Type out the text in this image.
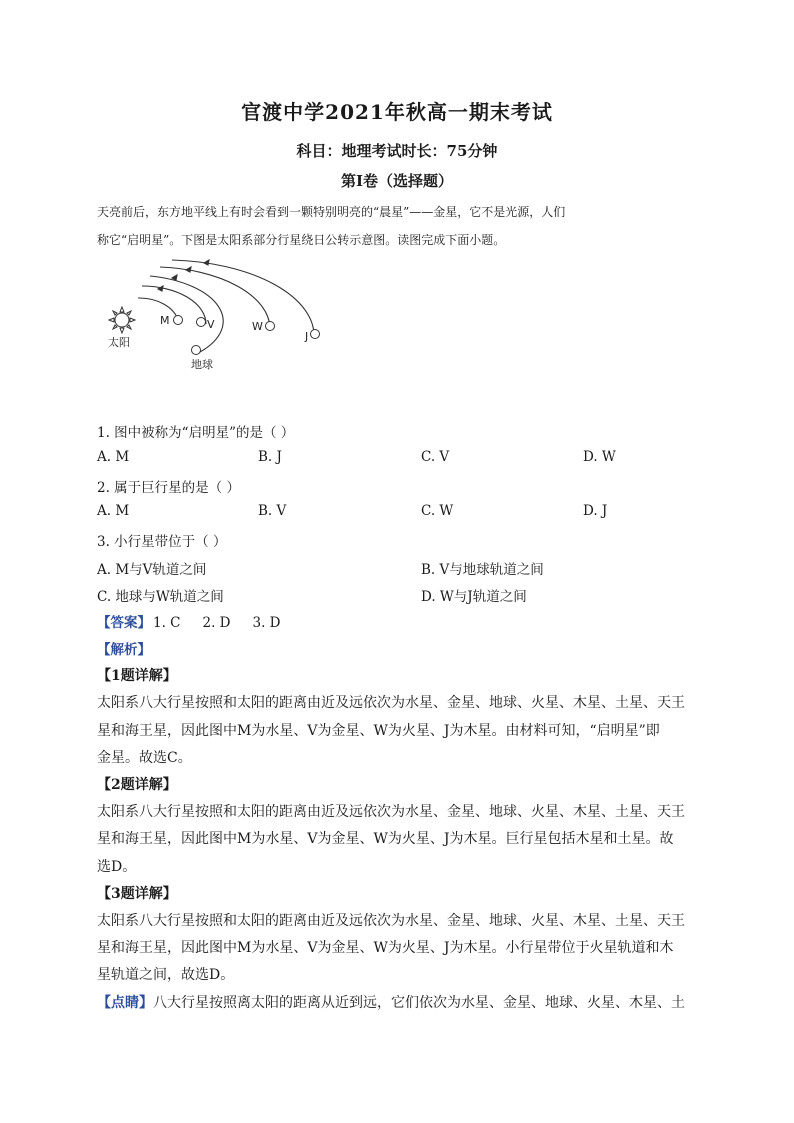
官渡中学2021年秋高一期末考试
科目：地理考试时长：75分钟
第Ⅰ卷（选择题）
天亮前后，东方地平线上有时会看到一颗特别明亮的“晨星”——金星，它不是光源，人们
称它“启明星”。下图是太阳系部分行星绕日公转示意图。读图完成下面小题。
太阳
M	V
地球
W
J
1. 图中被称为“启明星”的是（ ）
A. M	B. J	C. V	D. W
2. 属于巨行星的是（ ）
A. M	B. V	C. W	D. J
3. 小行星带位于（ ）
A. M与V轨道之间	B. V与地球轨道之间
C. 地球与W轨道之间	D. W与J轨道之间
【答案】 1. C 2. D 3. D
【解析】
【1题详解】
太阳系八大行星按照和太阳的距离由近及远依次为水星、金星、地球、火星、木星、土星、天王
星和海王星，因此图中M为水星、V为金星、W为火星、J为木星。由材料可知，“启明星”即
金星。故选C。
【2题详解】
太阳系八大行星按照和太阳的距离由近及远依次为水星、金星、地球、火星、木星、土星、天王
星和海王星，因此图中M为水星、V为金星、W为火星、J为木星。巨行星包括木星和土星。故
选D。
【3题详解】
太阳系八大行星按照和太阳的距离由近及远依次为水星、金星、地球、火星、木星、土星、天王
星和海王星，因此图中M为水星、V为金星、W为火星、J为木星。小行星带位于火星轨道和木
星轨道之间，故选D。
【点睛】八大行星按照离太阳的距离从近到远，它们依次为水星、金星、地球、火星、木星、土
